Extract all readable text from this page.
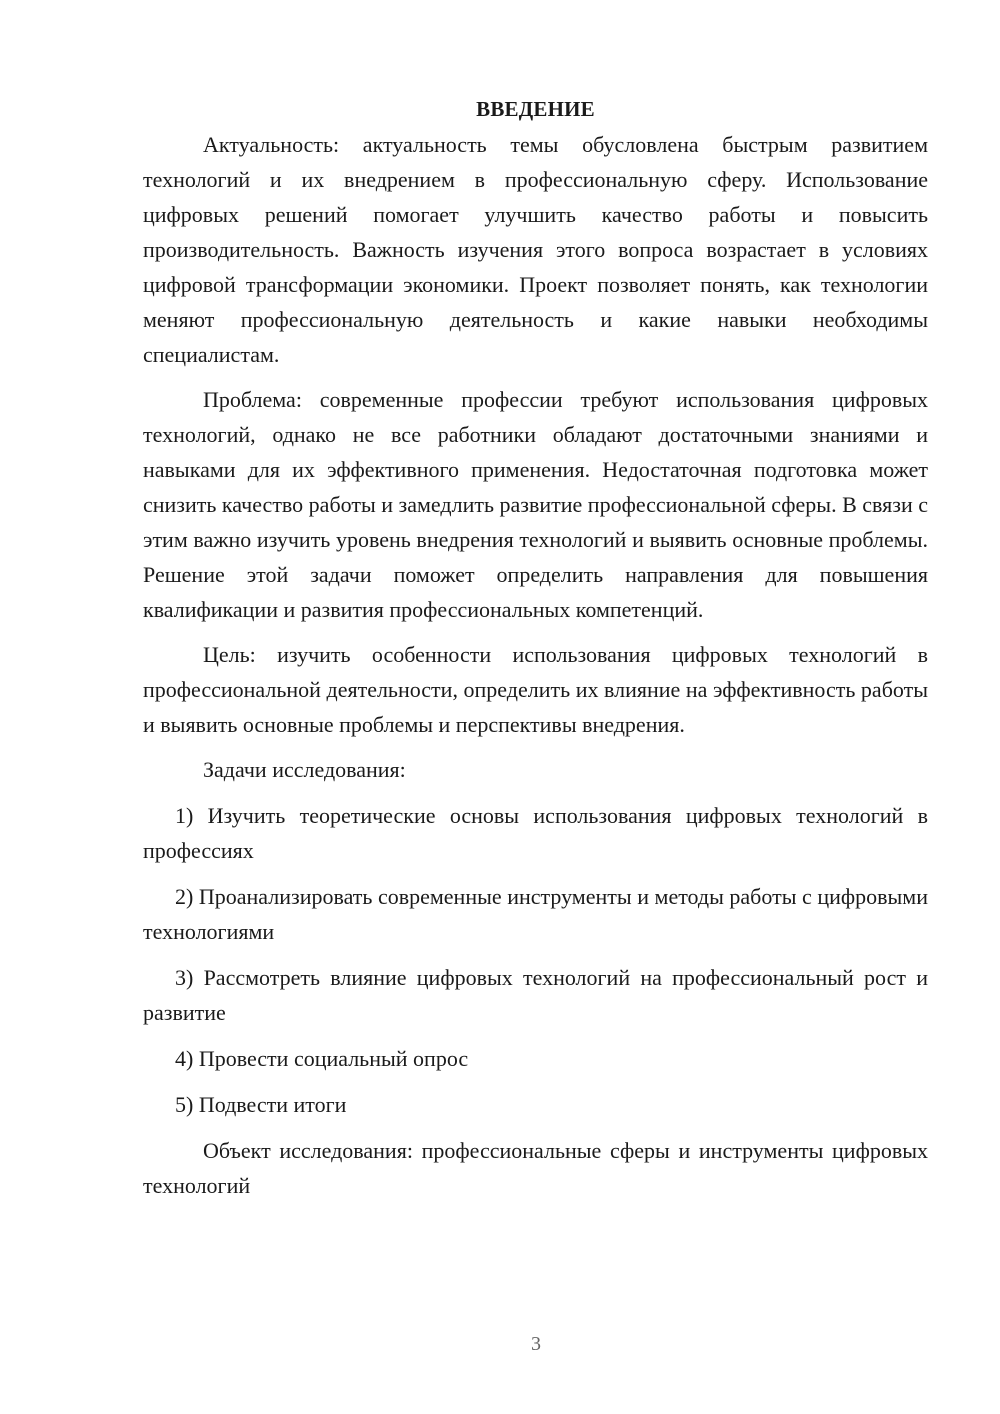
ВВЕДЕНИЕ

Актуальность: актуальность темы обусловлена быстрым развитием технологий и их внедрением в профессиональную сферу. Использование цифровых решений помогает улучшить качество работы и повысить производительность. Важность изучения этого вопроса возрастает в условиях цифровой трансформации экономики. Проект позволяет понять, как технологии меняют профессиональную деятельность и какие навыки необходимы специалистам.

Проблема: современные профессии требуют использования цифровых технологий, однако не все работники обладают достаточными знаниями и навыками для их эффективного применения. Недостаточная подготовка может снизить качество работы и замедлить развитие профессиональной сферы. В связи с этим важно изучить уровень внедрения технологий и выявить основные проблемы. Решение этой задачи поможет определить направления для повышения квалификации и развития профессиональных компетенций.

Цель: изучить особенности использования цифровых технологий в профессиональной деятельности, определить их влияние на эффективность работы и выявить основные проблемы и перспективы внедрения.

Задачи исследования:

1) Изучить теоретические основы использования цифровых технологий в профессиях

2) Проанализировать современные инструменты и методы работы с цифровыми технологиями

3) Рассмотреть влияние цифровых технологий на профессиональный рост и развитие

4) Провести социальный опрос

5) Подвести итоги

Объект исследования: профессиональные сферы и инструменты цифровых технологий

3
